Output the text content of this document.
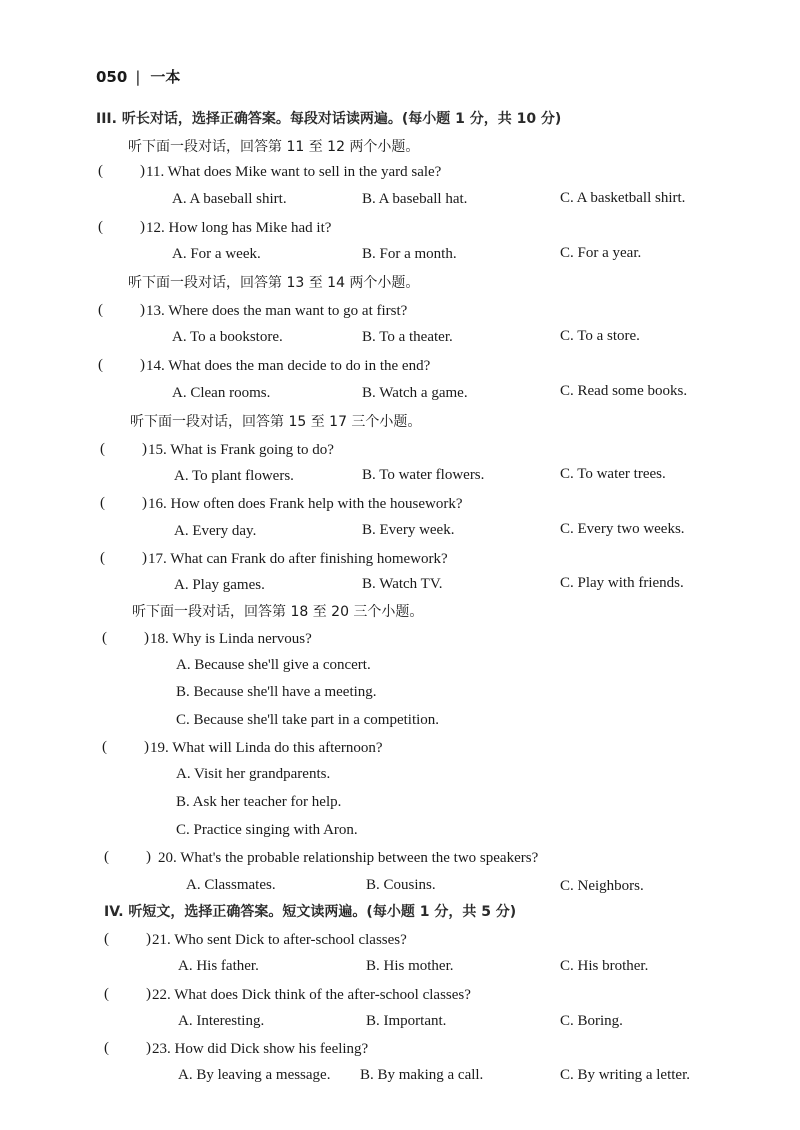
050 | 一本
III. 听长对话，选择正确答案。每段对话读两遍。(每小题 1 分，共 10 分)
听下面一段对话，回答第 11 至 12 两个小题。
( ) 11. What does Mike want to sell in the yard sale?
A. A baseball shirt.	B. A baseball hat.	C. A basketball shirt.
( ) 12. How long has Mike had it?
A. For a week.	B. For a month.	C. For a year.
听下面一段对话，回答第 13 至 14 两个小题。
( ) 13. Where does the man want to go at first?
A. To a bookstore.	B. To a theater.	C. To a store.
( ) 14. What does the man decide to do in the end?
A. Clean rooms.	B. Watch a game.	C. Read some books.
听下面一段对话，回答第 15 至 17 三个小题。
( ) 15. What is Frank going to do?
A. To plant flowers.	B. To water flowers.	C. To water trees.
( ) 16. How often does Frank help with the housework?
A. Every day.	B. Every week.	C. Every two weeks.
( ) 17. What can Frank do after finishing homework?
A. Play games.	B. Watch TV.	C. Play with friends.
听下面一段对话，回答第 18 至 20 三个小题。
( ) 18. Why is Linda nervous?
A. Because she'll give a concert.
B. Because she'll have a meeting.
C. Because she'll take part in a competition.
( ) 19. What will Linda do this afternoon?
A. Visit her grandparents.
B. Ask her teacher for help.
C. Practice singing with Aron.
( ) 20. What's the probable relationship between the two speakers?
A. Classmates.	B. Cousins.	C. Neighbors.
IV. 听短文，选择正确答案。短文读两遍。(每小题 1 分，共 5 分)
( ) 21. Who sent Dick to after-school classes?
A. His father.	B. His mother.	C. His brother.
( ) 22. What does Dick think of the after-school classes?
A. Interesting.	B. Important.	C. Boring.
( ) 23. How did Dick show his feeling?
A. By leaving a message. B. By making a call.	C. By writing a letter.
